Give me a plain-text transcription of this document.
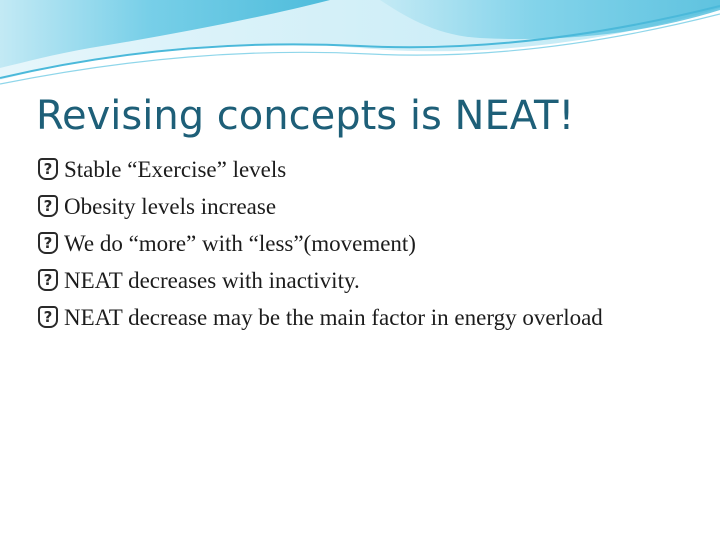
Revising concepts is NEAT!
?
Stable “Exercise” levels
?
Obesity levels increase
?
We do “more” with “less”(movement)
?
NEAT decreases with inactivity.
?
NEAT decrease may be the main factor in energy overload
